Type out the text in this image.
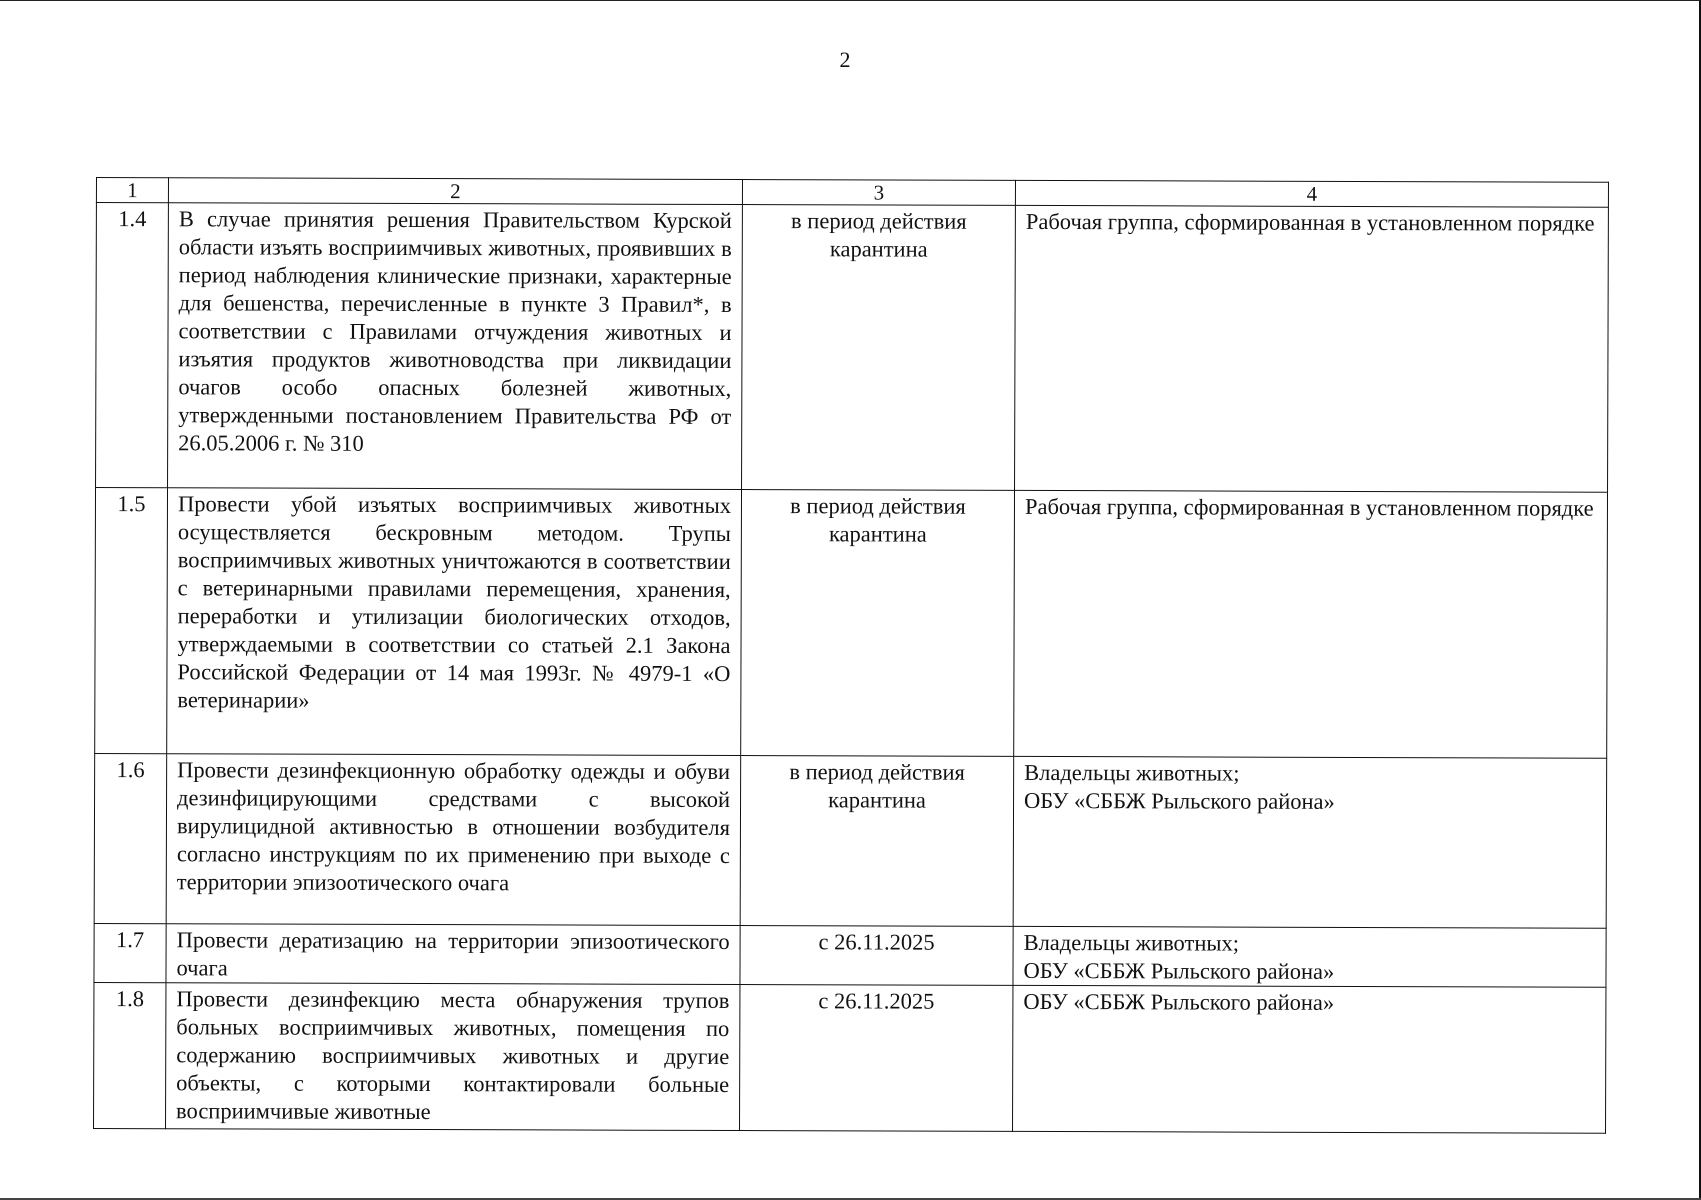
2
1	2	3	4
1.4	В случае принятия решения Правительством Курской области изъять восприимчивых животных, проявивших в период наблюдения клинические признаки, характерные для бешенства, перечисленные в пункте 3 Правил*, в соответствии с Правилами отчуждения животных и изъятия продуктов животноводства при ликвидации очагов особо опасных болезней животных, утвержденными постановлением Правительства РФ от 26.05.2006 г. № 310	в период действия карантина	Рабочая группа, сформированная в установленном порядке

1.5	Провести убой изъятых восприимчивых животных осуществляется бескровным методом. Трупы восприимчивых животных уничтожаются в соответствии с ветеринарными правилами перемещения, хранения, переработки и утилизации биологических отходов, утверждаемыми в соответствии со статьей 2.1 Закона Российской Федерации от 14 мая 1993г. № 4979-1 «О ветеринарии»	в период действия карантина	Рабочая группа, сформированная в установленном порядке

1.6	Провести дезинфекционную обработку одежды и обуви дезинфицирующими средствами с высокой вирулицидной активностью в отношении возбудителя согласно инструкциям по их применению при выходе с территории эпизоотического очага	в период действия карантина	Владельцы животных;
ОБУ «СББЖ Рыльского района»

1.7	Провести дератизацию на территории эпизоотического очага	с 26.11.2025	Владельцы животных;
ОБУ «СББЖ Рыльского района»

1.8	Провести дезинфекцию места обнаружения трупов больных восприимчивых животных, помещения по содержанию восприимчивых животных и другие объекты, с которыми контактировали больные восприимчивые животные	с 26.11.2025	ОБУ «СББЖ Рыльского района»
